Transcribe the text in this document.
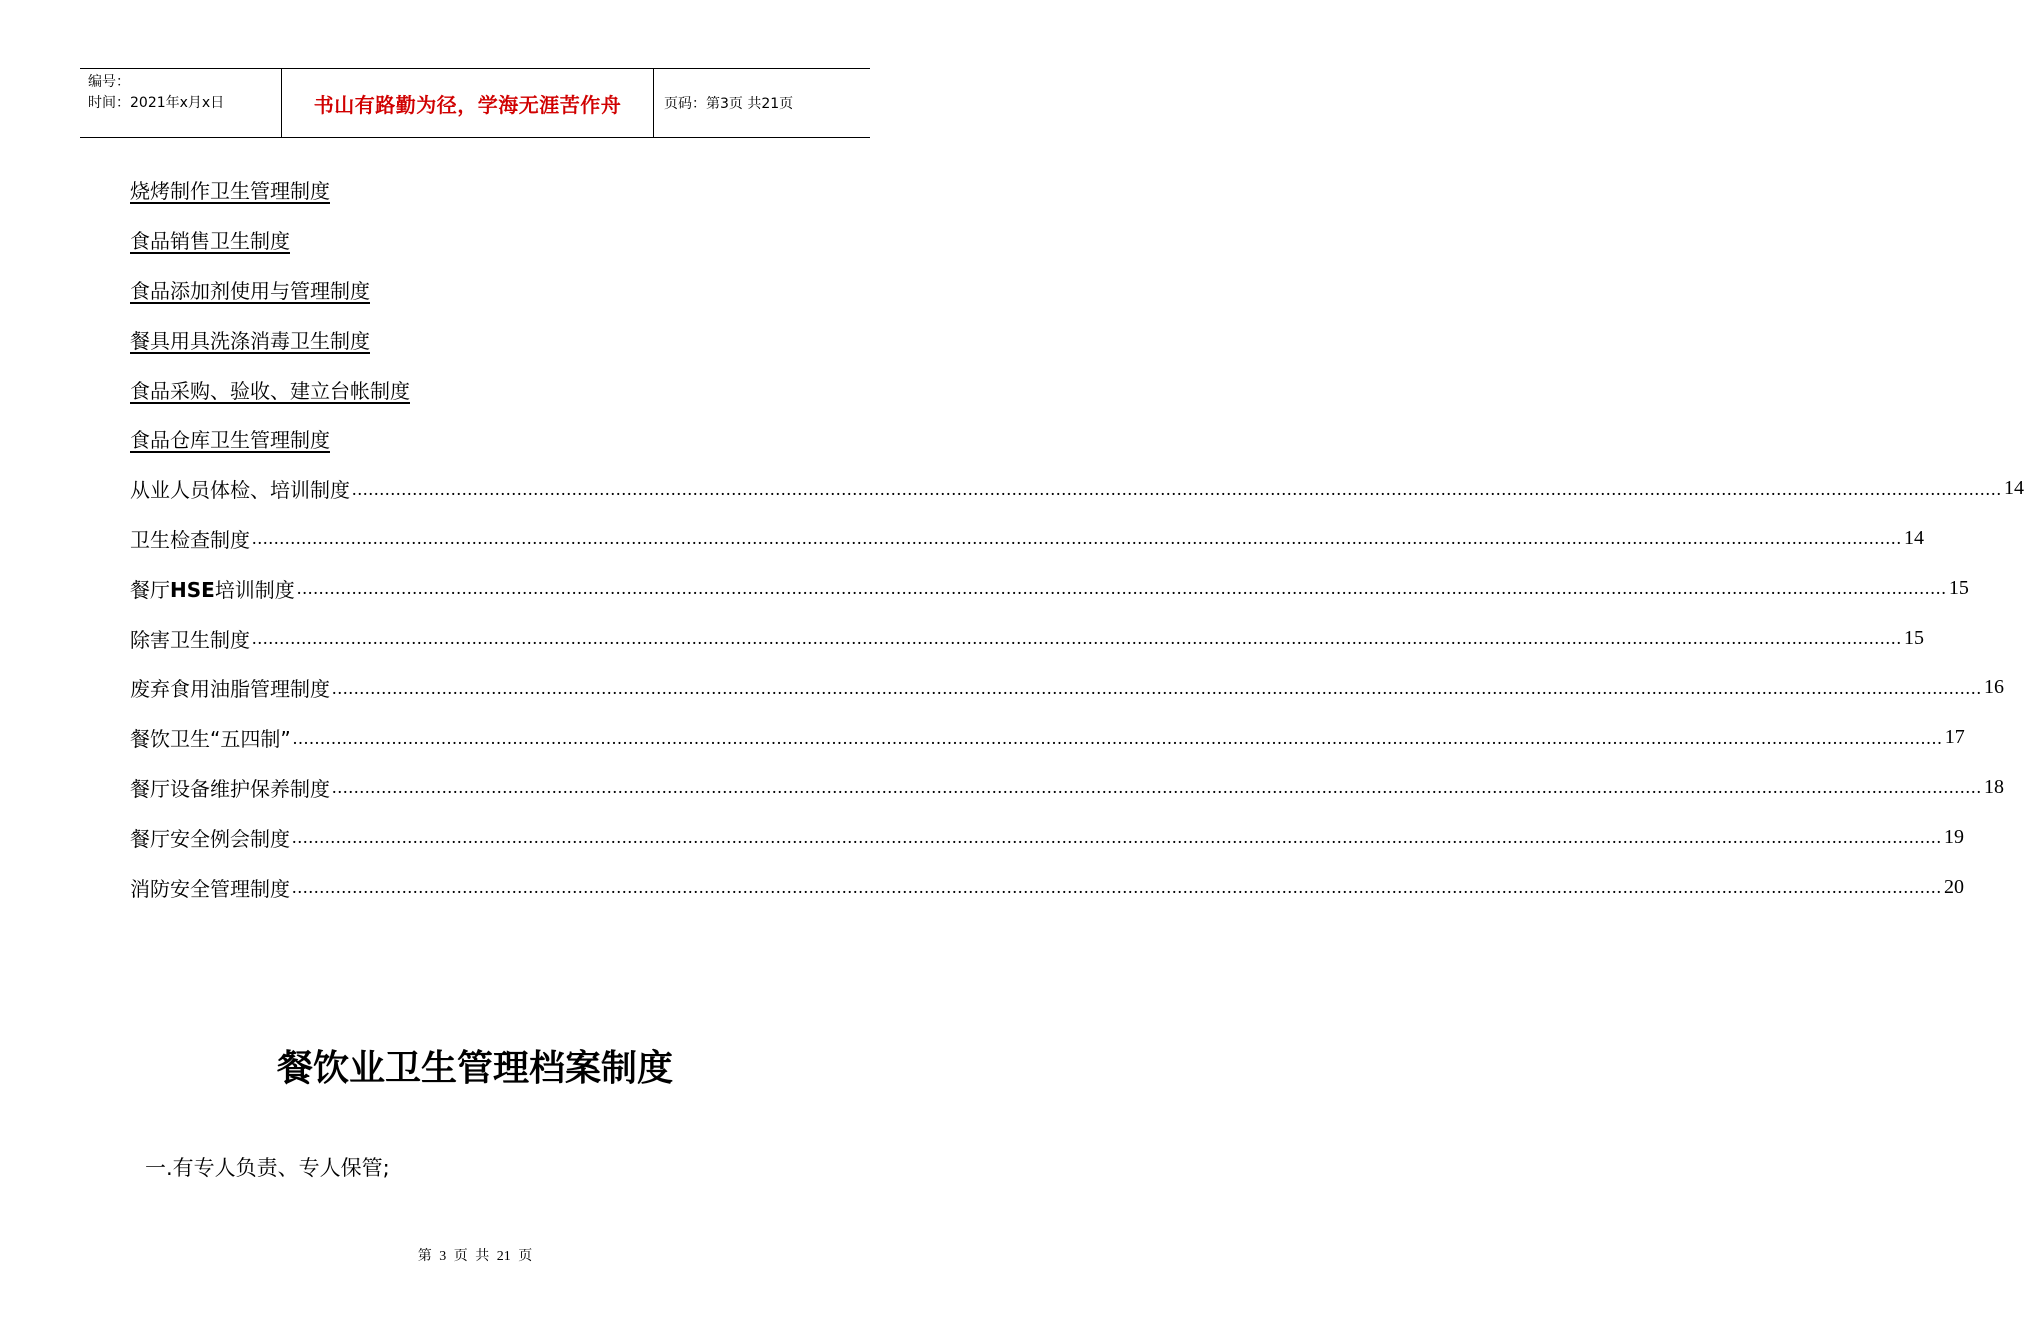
编号：
时间：2021年x月x日	书山有路勤为径，学海无涯苦作舟	页码：第3页 共21页
烧烤制作卫生管理制度
食品销售卫生制度
食品添加剂使用与管理制度
餐具用具洗涤消毒卫生制度
食品采购、验收、建立台帐制度
食品仓库卫生管理制度
从业人员体检、培训制度 ............................................................................................................................................................................................................................................................................................................ 14
卫生检查制度 ............................................................................................................................................................................................................................................................................................................ 14
餐厅HSE培训制度 ............................................................................................................................................................................................................................................................................................................ 15
除害卫生制度 ............................................................................................................................................................................................................................................................................................................ 15
废弃食用油脂管理制度 ............................................................................................................................................................................................................................................................................................................ 16
餐饮卫生“五四制” ............................................................................................................................................................................................................................................................................................................ 17
餐厅设备维护保养制度 ............................................................................................................................................................................................................................................................................................................ 18
餐厅安全例会制度 ............................................................................................................................................................................................................................................................................................................ 19
消防安全管理制度 ............................................................................................................................................................................................................................................................................................................ 20
餐饮业卫生管理档案制度
一.有专人负责、专人保管;
第 3 页 共 21 页
